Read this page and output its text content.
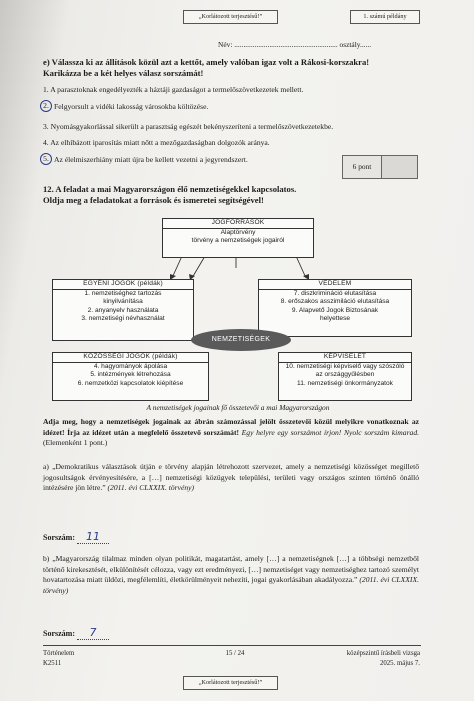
„Korlátozott terjesztésű!”	1. számú példány
Név: ........................................................ osztály......
e) Válassza ki az állítások közül azt a kettőt, amely valóban igaz volt a Rákosi-korszakra!
Karikázza be a két helyes válasz sorszámát!
1. A parasztoknak engedélyezték a háztáji gazdaságot a termelőszövetkezetek mellett.
2. Felgyorsult a vidéki lakosság városokba költözése.
3. Nyomásgyakorlással sikerült a parasztság egészét bekényszeríteni a termelőszövetkezetekbe.
4. Az elhíbázott iparosítás miatt nőtt a mezőgazdaságban dolgozók aránya.
5. Az élelmiszerhiány miatt újra be kellett vezetni a jegyrendszert.
6 pont
12. A feladat a mai Magyarországon élő nemzetiségekkel kapcsolatos.
Oldja meg a feladatokat a források és ismeretei segítségével!
JOGFORRÁSOK
Alaptörvény
törvény a nemzetiségek jogairól
EGYÉNI JOGOK (példák)
1. nemzetiséghez tartozás
kinyilvánítása
2. anyanyelv használata
3. nemzetiségi névhasználat
VÉDELEM
7. diszkrimináció elutasítása
8. erőszakos asszimiláció elutasítása
9. Alapvető Jogok Biztosának
helyettese
KÖZÖSSÉGI JOGOK (példák)
4. hagyományok ápolása
5. intézmények létrehozása
6. nemzetközi kapcsolatok kiépítése
KÉPVISELET
10. nemzetiségi képviselő vagy szószóló
az országgyűlésben
11. nemzetiségi önkormányzatok
NEMZETISÉGEK
A nemzetiségek jogainak fő összetevői a mai Magyarországon
Adja meg, hogy a nemzetiségek jogainak az ábrán számozással jelölt összetevői közül melyikre vonatkoznak az idézet! Írja az idézet után a megfelelő összetevő sorszámát! Egy helyre egy sorszámot írjon! Nyolc sorszám kimarad. (Elemenként 1 pont.)
a) „Demokratikus választások útján e törvény alapján létrehozott szervezet, amely a nemzetiségi közösséget megillető jogosultságok érvényesítésére, a […] nemzetiségi közügyek települési, területi vagy országos szinten történő önálló intézésére jön létre.” (2011. évi CLXXIX. törvény)
Sorszám: 11
b) „Magyarország tilalmaz minden olyan politikát, magatartást, amely […] a nemzetiségnek […] a többségi nemzetből történő kirekesztését, elkülönítését célozza, vagy ezt eredményezi, […] nemzetiséget vagy nemzetiséghez tartozó személyt hovatartozása miatt üldözi, megfélemlíti, életkörülményeit nehezíti, jogai gyakorlásában akadályozza.” (2011. évi CLXXIX. törvény)
Sorszám: 7
Történelem
K2511
15 / 24	középszintű írásbeli vizsga
2025. május 7.
„Korlátozott terjesztésű!”
